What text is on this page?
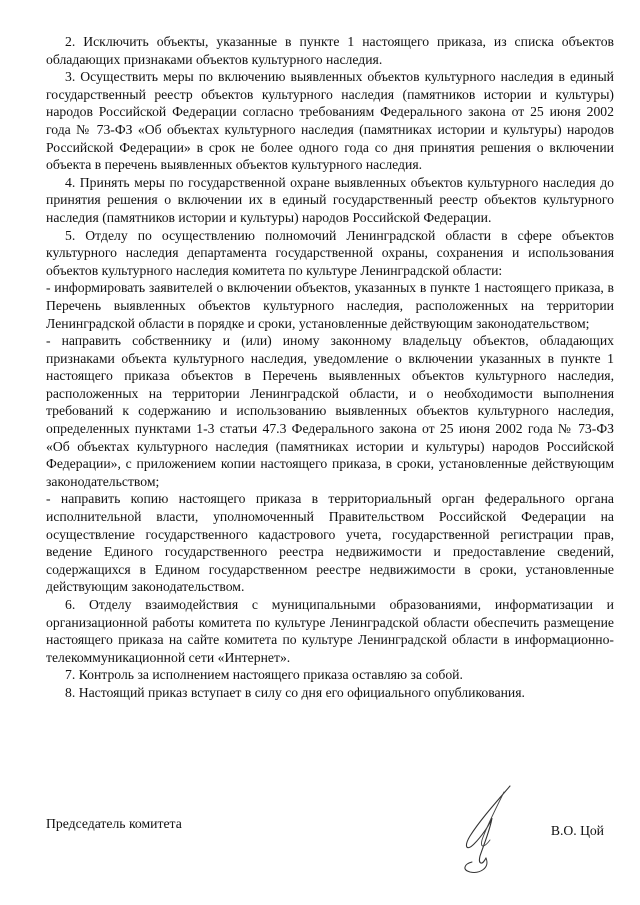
2. Исключить объекты, указанные в пункте 1 настоящего приказа, из списка объектов обладающих признаками объектов культурного наследия.

3. Осуществить меры по включению выявленных объектов культурного наследия в единый государственный реестр объектов культурного наследия (памятников истории и культуры) народов Российской Федерации согласно требованиям Федерального закона от 25 июня 2002 года № 73-ФЗ «Об объектах культурного наследия (памятниках истории и культуры) народов Российской Федерации» в срок не более одного года со дня принятия решения о включении объекта в перечень выявленных объектов культурного наследия.

4. Принять меры по государственной охране выявленных объектов культурного наследия до принятия решения о включении их в единый государственный реестр объектов культурного наследия (памятников истории и культуры) народов Российской Федерации.

5. Отделу по осуществлению полномочий Ленинградской области в сфере объектов культурного наследия департамента государственной охраны, сохранения и использования объектов культурного наследия комитета по культуре Ленинградской области:

- информировать заявителей о включении объектов, указанных в пункте 1 настоящего приказа, в Перечень выявленных объектов культурного наследия, расположенных на территории Ленинградской области в порядке и сроки, установленные действующим законодательством;

- направить собственнику и (или) иному законному владельцу объектов, обладающих признаками объекта культурного наследия, уведомление о включении указанных в пункте 1 настоящего приказа объектов в Перечень выявленных объектов культурного наследия, расположенных на территории Ленинградской области, и о необходимости выполнения требований к содержанию и использованию выявленных объектов культурного наследия, определенных пунктами 1-3 статьи 47.3 Федерального закона от 25 июня 2002 года № 73-ФЗ «Об объектах культурного наследия (памятниках истории и культуры) народов Российской Федерации», с приложением копии настоящего приказа, в сроки, установленные действующим законодательством;

- направить копию настоящего приказа в территориальный орган федерального органа исполнительной власти, уполномоченный Правительством Российской Федерации на осуществление государственного кадастрового учета, государственной регистрации прав, ведение Единого государственного реестра недвижимости и предоставление сведений, содержащихся в Едином государственном реестре недвижимости в сроки, установленные действующим законодательством.

6. Отделу взаимодействия с муниципальными образованиями, информатизации и организационной работы комитета по культуре Ленинградской области обеспечить размещение настоящего приказа на сайте комитета по культуре Ленинградской области в информационно-телекоммуникационной сети «Интернет».

7. Контроль за исполнением настоящего приказа оставляю за собой.

8. Настоящий приказ вступает в силу со дня его официального опубликования.

Председатель комитета	В.О. Цой
